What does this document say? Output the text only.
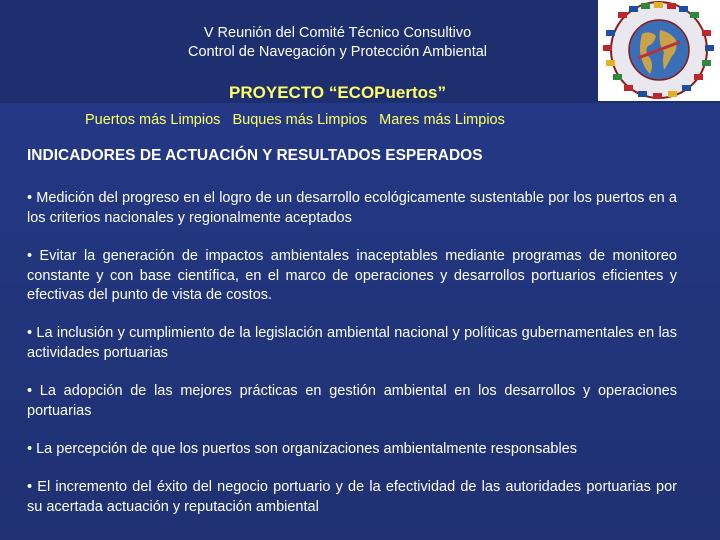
V Reunión del Comité Técnico Consultivo
Control de Navegación y Protección Ambiental
PROYECTO “ECOPuertos”
Puertos más Limpios   Buques más Limpios   Mares más Limpios
INDICADORES DE ACTUACIÓN Y RESULTADOS ESPERADOS
• Medición del progreso en el logro de un desarrollo ecológicamente sustentable por los puertos en a los criterios nacionales y regionalmente aceptados
• Evitar la generación de impactos ambientales inaceptables mediante programas de monitoreo constante y con base científica, en el marco de operaciones y desarrollos portuarios eficientes y efectivas del punto de vista de costos.
• La inclusión y cumplimiento de la legislación ambiental nacional y políticas gubernamentales en las actividades portuarias
• La adopción de las mejores prácticas en gestión ambiental en los desarrollos y operaciones portuarias
• La percepción de que los puertos son organizaciones ambientalmente responsables
• El incremento del éxito del negocio portuario y de la efectividad de las autoridades portuarias por su acertada actuación y reputación ambiental
